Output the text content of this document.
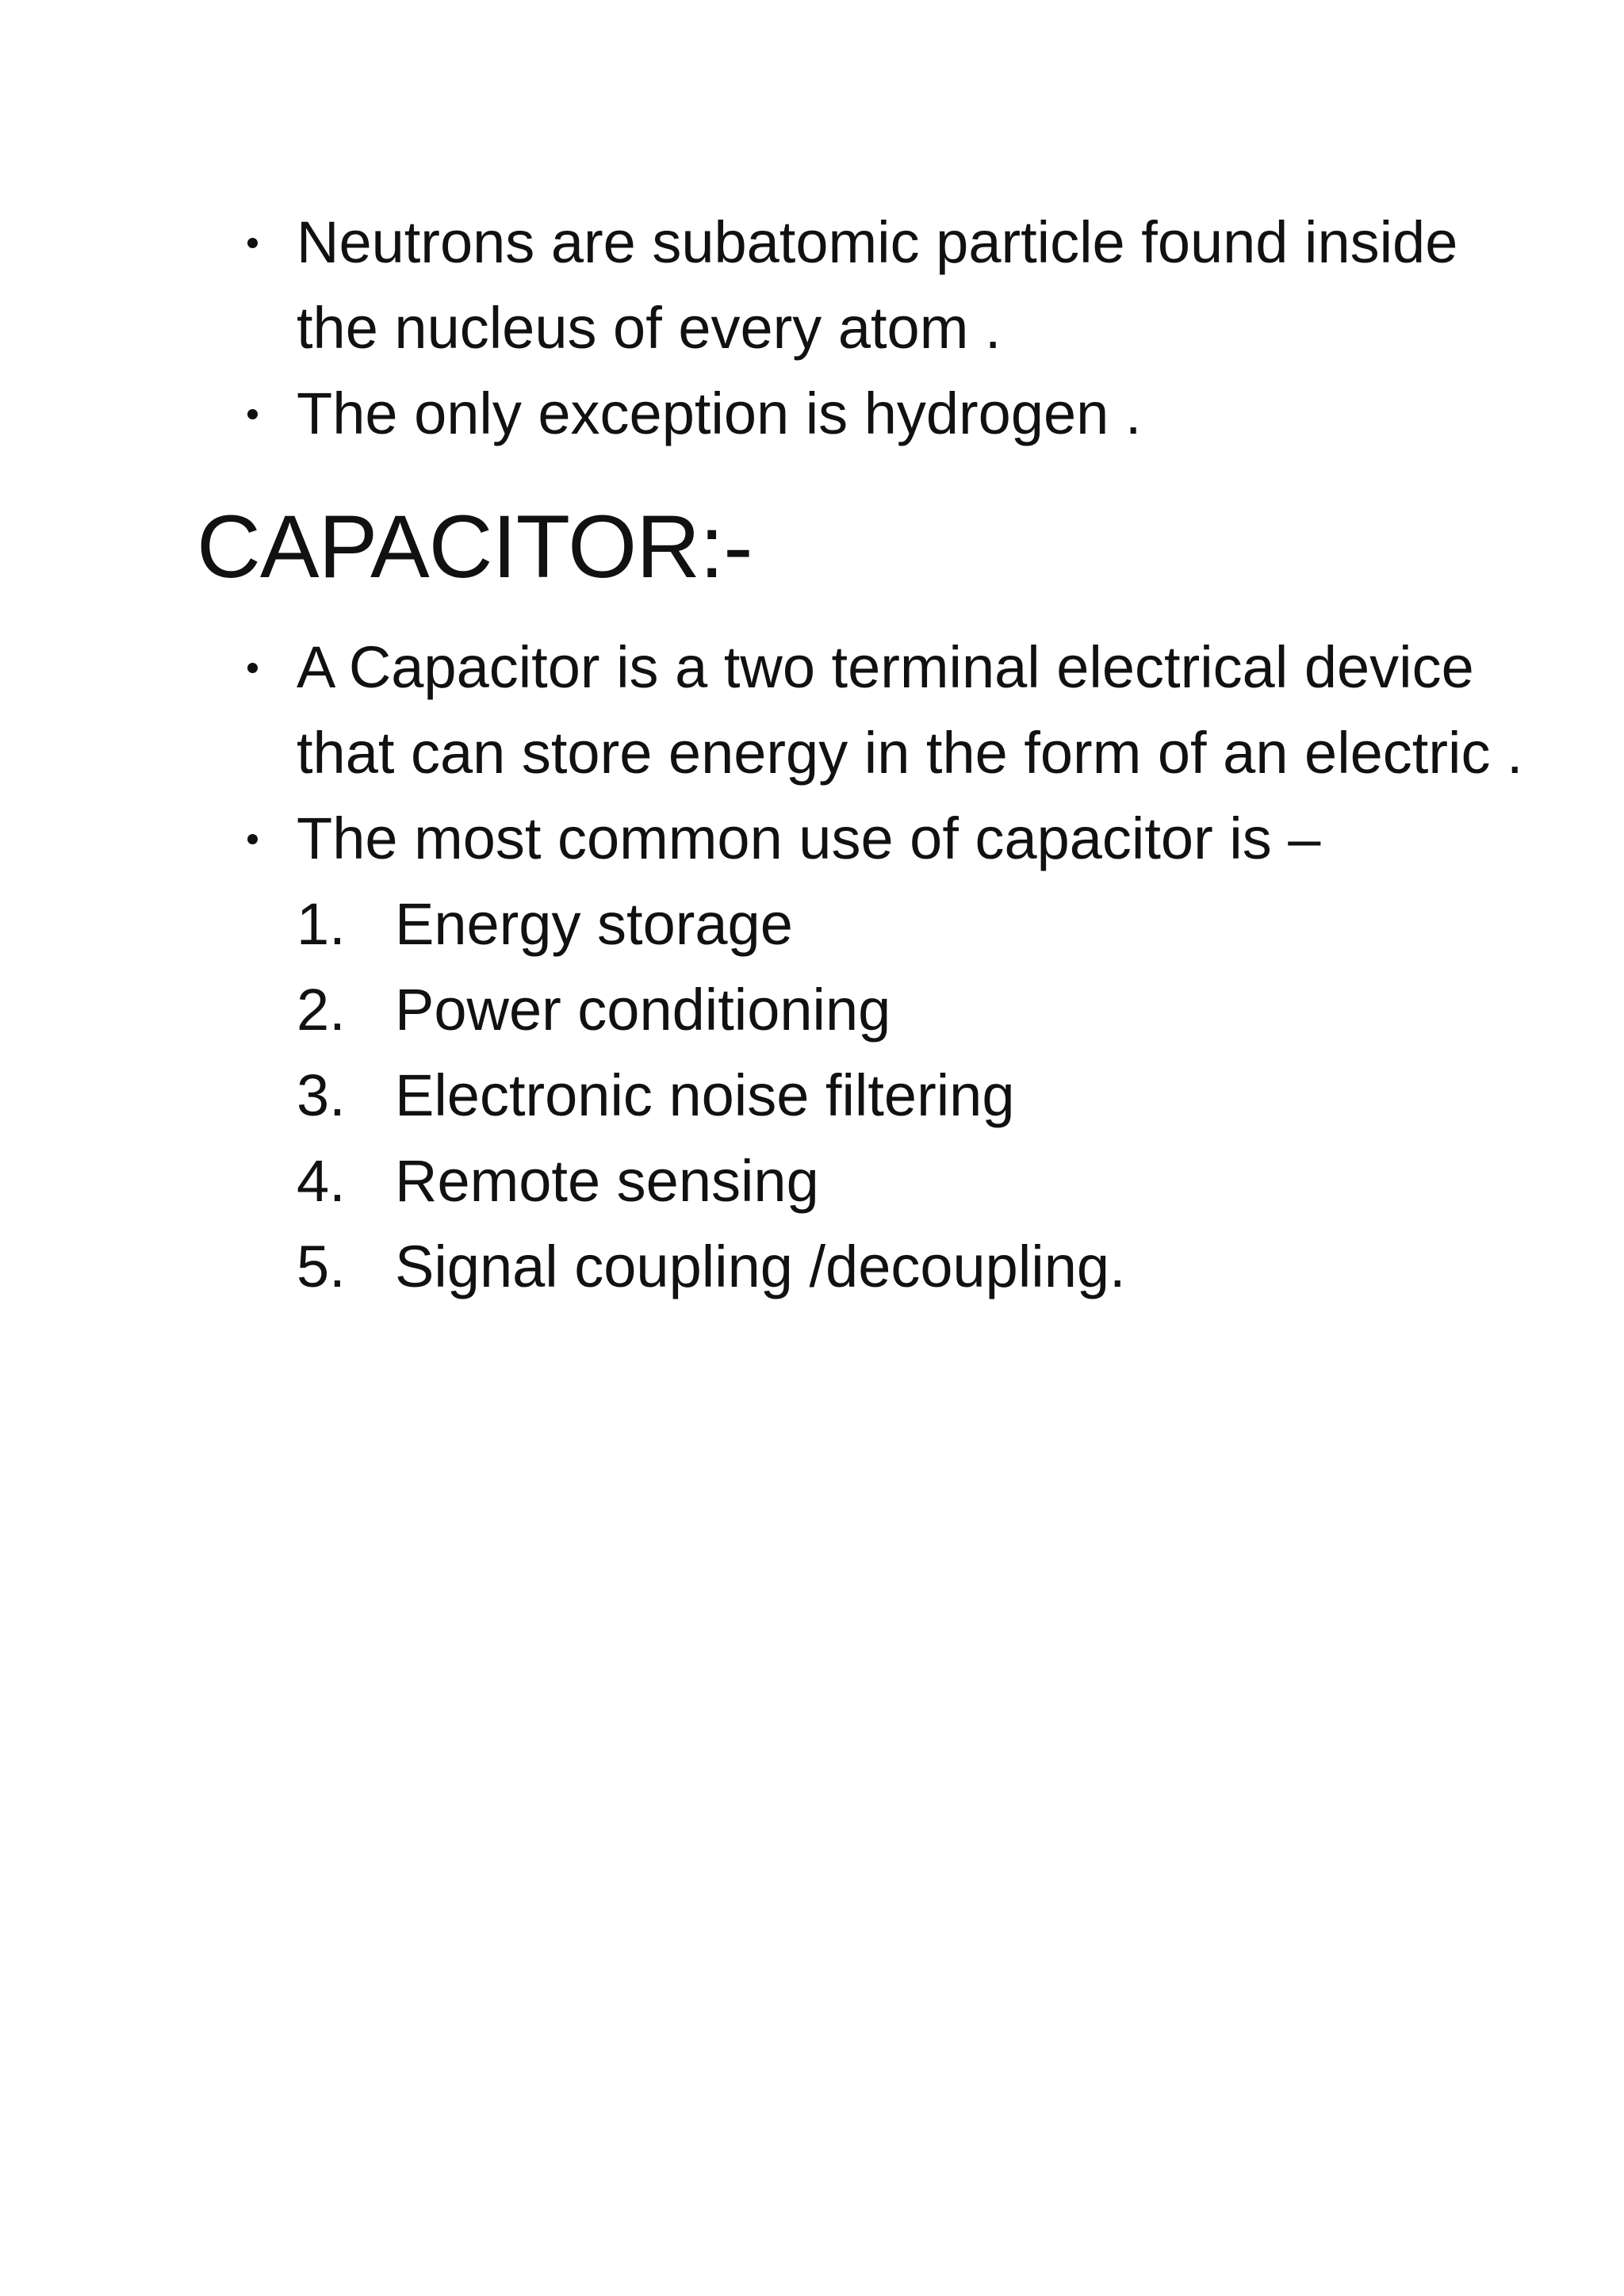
Neutrons are subatomic particle found inside the nucleus of every atom .
The only exception is hydrogen .
CAPACITOR:-
A Capacitor is a two terminal electrical device that can store energy in the form of an electric .
The most common use of capacitor is –
1. Energy storage
2. Power conditioning
3. Electronic noise filtering
4. Remote sensing
5. Signal coupling /decoupling.
